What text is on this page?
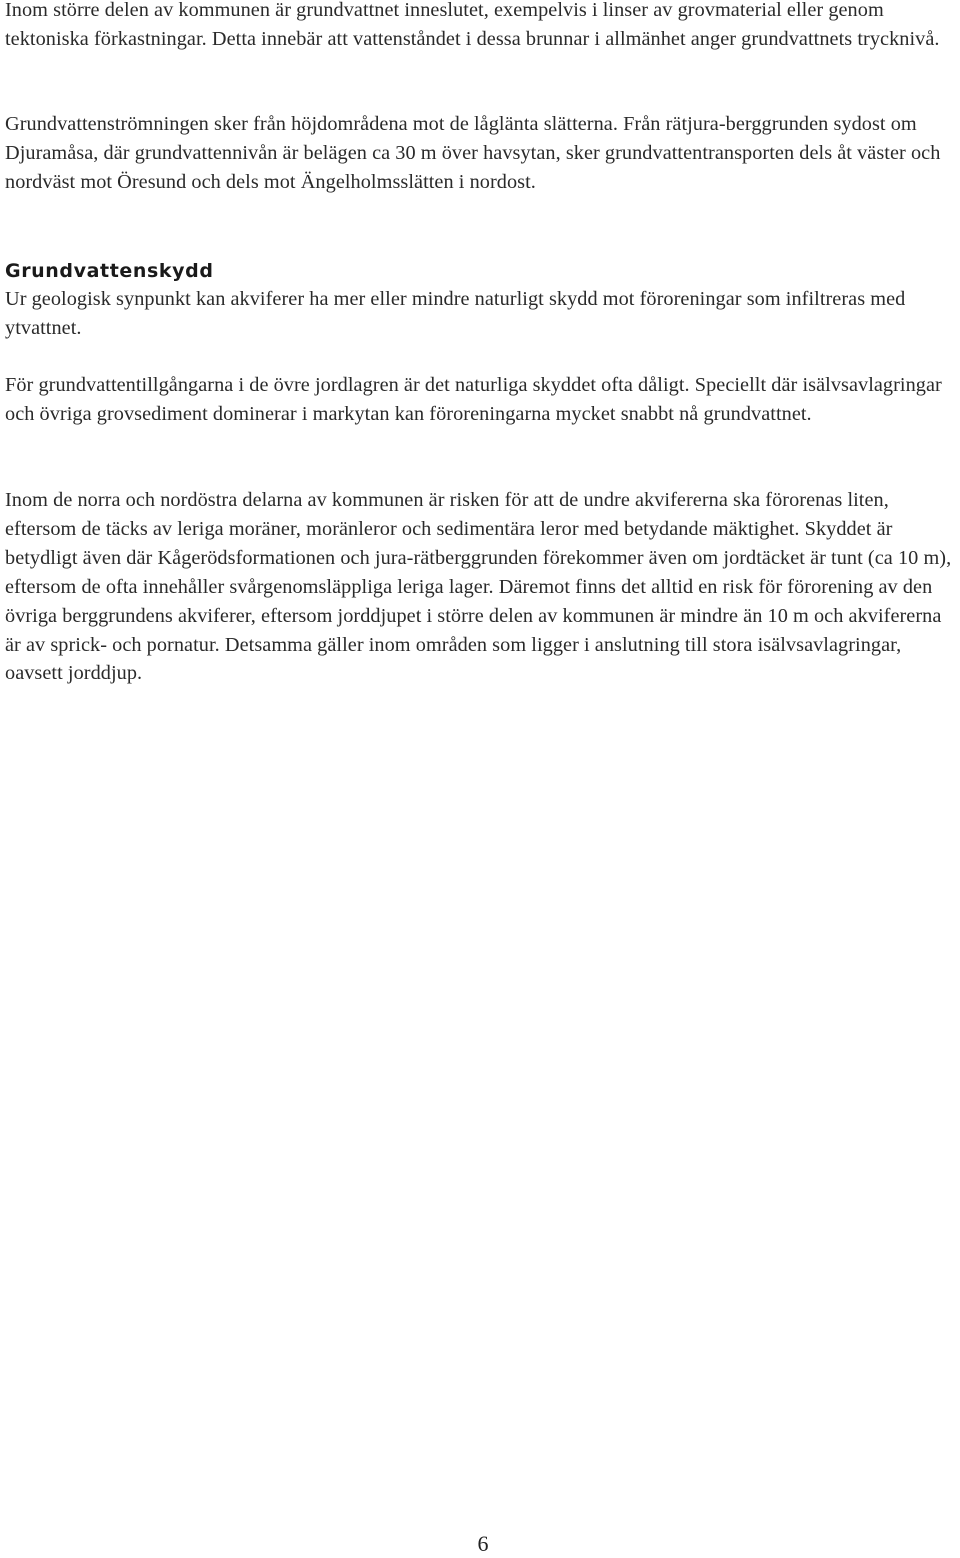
Inom större delen av kommunen är grundvattnet inneslutet, exempelvis i linser av grovmaterial eller genom tektoniska förkastningar. Detta innebär att vattenståndet i dessa brunnar i allmänhet anger grundvattnets trycknivå.

Grundvattenströmningen sker från höjdområdena mot de låglänta slätterna. Från rätjura-berggrunden sydost om Djuramåsa, där grundvattennivån är belägen ca 30 m över havsytan, sker grundvattentransporten dels åt väster och nordväst mot Öresund och dels mot Ängelholmsslätten i nordost.

Grundvattenskydd

Ur geologisk synpunkt kan akviferer ha mer eller mindre naturligt skydd mot föroreningar som infiltreras med ytvattnet.

För grundvattentillgångarna i de övre jordlagren är det naturliga skyddet ofta dåligt. Speciellt där isälvsavlagringar och övriga grovsediment dominerar i markytan kan föroreningarna mycket snabbt nå grundvattnet.

Inom de norra och nordöstra delarna av kommunen är risken för att de undre akvifererna ska förorenas liten, eftersom de täcks av leriga moräner, moränleror och sedimentära leror med betydande mäktighet. Skyddet är betydligt även där Kågerödsformationen och jura-rätberggrunden förekommer även om jordtäcket är tunt (ca 10 m), eftersom de ofta innehåller svårgenomsläppliga leriga lager. Däremot finns det alltid en risk för förorening av den övriga berggrundens akviferer, eftersom jorddjupet i större delen av kommunen är mindre än 10 m och akvifererna är av sprick- och pornatur. Detsamma gäller inom områden som ligger i anslutning till stora isälvsavlagringar, oavsett jorddjup.

6
